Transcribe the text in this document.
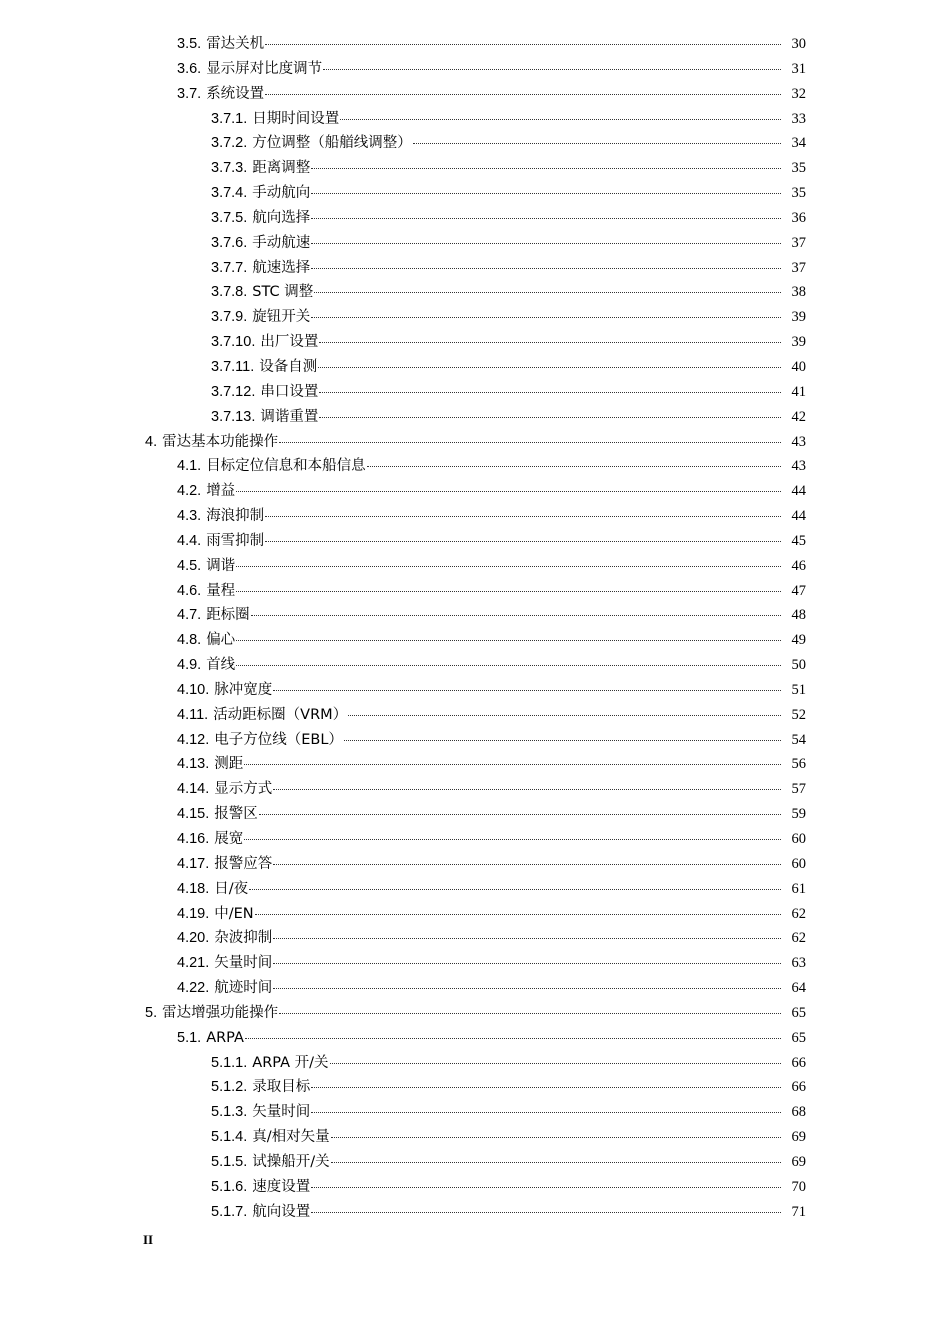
3.5. 雷达关机	30
3.6. 显示屏对比度调节	31
3.7. 系统设置	32
3.7.1. 日期时间设置	33
3.7.2. 方位调整（船艏线调整）	34
3.7.3. 距离调整	35
3.7.4. 手动航向	35
3.7.5. 航向选择	36
3.7.6. 手动航速	37
3.7.7. 航速选择	37
3.7.8. STC 调整	38
3.7.9. 旋钮开关	39
3.7.10. 出厂设置	39
3.7.11. 设备自测	40
3.7.12. 串口设置	41
3.7.13. 调谐重置	42
4. 雷达基本功能操作	43
4.1. 目标定位信息和本船信息	43
4.2. 增益	44
4.3. 海浪抑制	44
4.4. 雨雪抑制	45
4.5. 调谐	46
4.6. 量程	47
4.7. 距标圈	48
4.8. 偏心	49
4.9. 首线	50
4.10. 脉冲宽度	51
4.11. 活动距标圈（VRM）	52
4.12. 电子方位线（EBL）	54
4.13. 测距	56
4.14. 显示方式	57
4.15. 报警区	59
4.16. 展宽	60
4.17. 报警应答	60
4.18. 日/夜	61
4.19. 中/EN	62
4.20. 杂波抑制	62
4.21. 矢量时间	63
4.22. 航迹时间	64
5. 雷达增强功能操作	65
5.1. ARPA	65
5.1.1. ARPA 开/关	66
5.1.2. 录取目标	66
5.1.3. 矢量时间	68
5.1.4. 真/相对矢量	69
5.1.5. 试操船开/关	69
5.1.6. 速度设置	70
5.1.7. 航向设置	71
II
